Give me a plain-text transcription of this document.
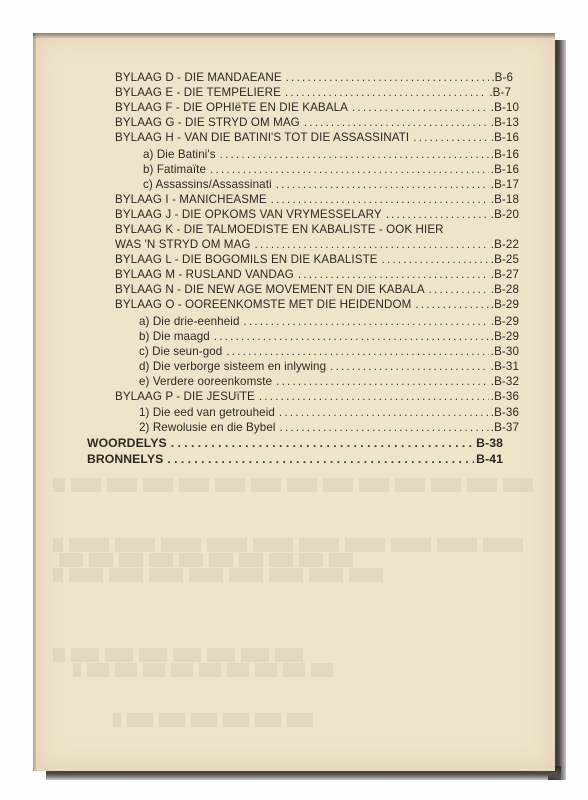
BYLAAG D - DIE MANDAEANE . . .	.B-6
BYLAAG E - DIE TEMPELIERE . . .	.B-7
BYLAAG F - DIE OPHIëTE EN DIE KABALA . . .	.B-10
BYLAAG G - DIE STRYD OM MAG . . .	.B-13
BYLAAG H - VAN DIE BATINI'S TOT DIE ASSASSINATI . . .	.B-16
a) Die Batini's . . .	.B-16
b) Fatimaïte . . .	.B-16
c) Assassins/Assassinati . . .	.B-17
BYLAAG I - MANICHEASME . . .	.B-18
BYLAAG J - DIE OPKOMS VAN VRYMESSELARY . . .	.B-20
BYLAAG K - DIE TALMOEDISTE EN KABALISTE - OOK HIER
WAS 'N STRYD OM MAG . . .	.B-22
BYLAAG L - DIE BOGOMILS EN DIE KABALISTE . . .	.B-25
BYLAAG M - RUSLAND VANDAG . . .	.B-27
BYLAAG N - DIE NEW AGE MOVEMENT EN DIE KABALA . . .	.B-28
BYLAAG O - OOREENKOMSTE MET DIE HEIDENDOM . . .	.B-29
a) Die drie-eenheid . . .	.B-29
b) Die maagd . . .	.B-29
c) Die seun-god . . .	.B-30
d) Die verborge sisteem en inlywing . . .	.B-31
e) Verdere ooreenkomste . . .	.B-32
BYLAAG P - DIE JESUïTE . . .	.B-36
1) Die eed van getrouheid . . .	.B-36
2) Rewolusie en die Bybel . . .	.B-37
WOORDELYS . .	B-38
BRONNELYS . .	B-41
